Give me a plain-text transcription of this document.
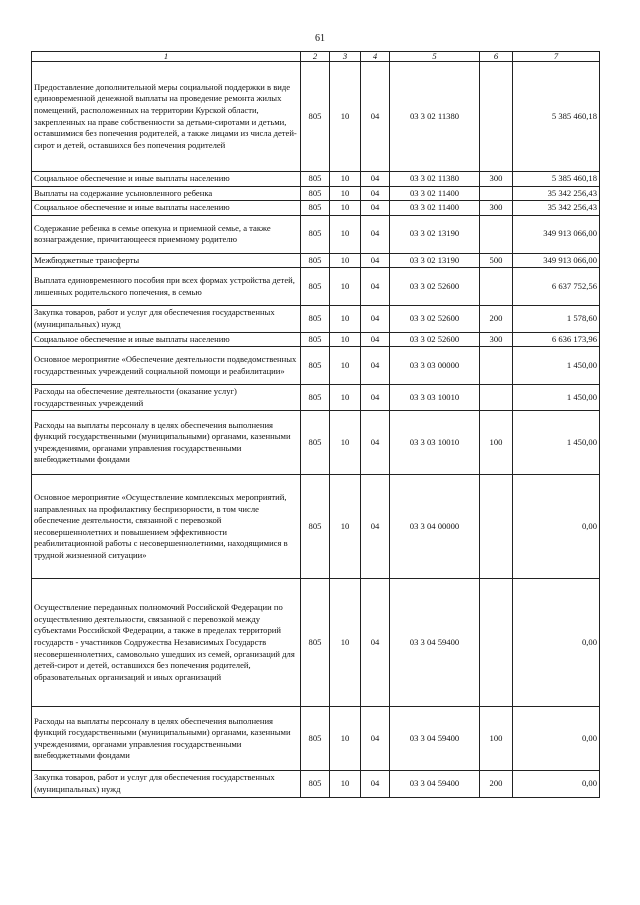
61
1	2	3	4	5	6	7
Предоставление дополнительной меры социальной поддержки в виде единовременной денежной выплаты на проведение ремонта жилых помещений, расположенных на территории Курской области, закрепленных на праве собственности за детьми-сиротами и детьми, оставшимися без попечения родителей, а также лицами из числа детей-сирот и детей, оставшихся без попечения родителей	805	10	04	03 3 02 11380		5 385 460,18
Социальное обеспечение и иные выплаты населению	805	10	04	03 3 02 11380	300	5 385 460,18
Выплаты на содержание усыновленного ребенка	805	10	04	03 3 02 11400		35 342 256,43
Социальное обеспечение и иные выплаты населению	805	10	04	03 3 02 11400	300	35 342 256,43
Содержание ребенка в семье опекуна и приемной семье, а также вознаграждение, причитающееся приемному родителю	805	10	04	03 3 02 13190		349 913 066,00
Межбюджетные трансферты	805	10	04	03 3 02 13190	500	349 913 066,00
Выплата единовременного пособия при всех формах устройства детей, лишенных родительского попечения, в семью	805	10	04	03 3 02 52600		6 637 752,56
Закупка товаров, работ и услуг для обеспечения государственных (муниципальных) нужд	805	10	04	03 3 02 52600	200	1 578,60
Социальное обеспечение и иные выплаты населению	805	10	04	03 3 02 52600	300	6 636 173,96
Основное мероприятие «Обеспечение деятельности подведомственных государственных учреждений социальной помощи и реабилитации»	805	10	04	03 3 03 00000		1 450,00
Расходы на обеспечение деятельности (оказание услуг) государственных учреждений	805	10	04	03 3 03 10010		1 450,00
Расходы на выплаты персоналу в целях обеспечения выполнения функций государственными (муниципальными) органами, казенными учреждениями, органами управления государственными внебюджетными фондами	805	10	04	03 3 03 10010	100	1 450,00
Основное мероприятие «Осуществление комплексных мероприятий, направленных на профилактику беспризорности, в том числе обеспечение деятельности, связанной с перевозкой несовершеннолетних и повышением эффективности реабилитационной работы с несовершеннолетними, находящимися в трудной жизненной ситуации»	805	10	04	03 3 04 00000		0,00
Осуществление переданных полномочий Российской Федерации по осуществлению деятельности, связанной с перевозкой между субъектами Российской Федерации, а также в пределах территорий государств - участников Содружества Независимых Государств несовершеннолетних, самовольно ушедших из семей, организаций для детей-сирот и детей, оставшихся без попечения родителей, образовательных организаций и иных организаций	805	10	04	03 3 04 59400		0,00
Расходы на выплаты персоналу в целях обеспечения выполнения функций государственными (муниципальными) органами, казенными учреждениями, органами управления государственными внебюджетными фондами	805	10	04	03 3 04 59400	100	0,00
Закупка товаров, работ и услуг для обеспечения государственных (муниципальных) нужд	805	10	04	03 3 04 59400	200	0,00
